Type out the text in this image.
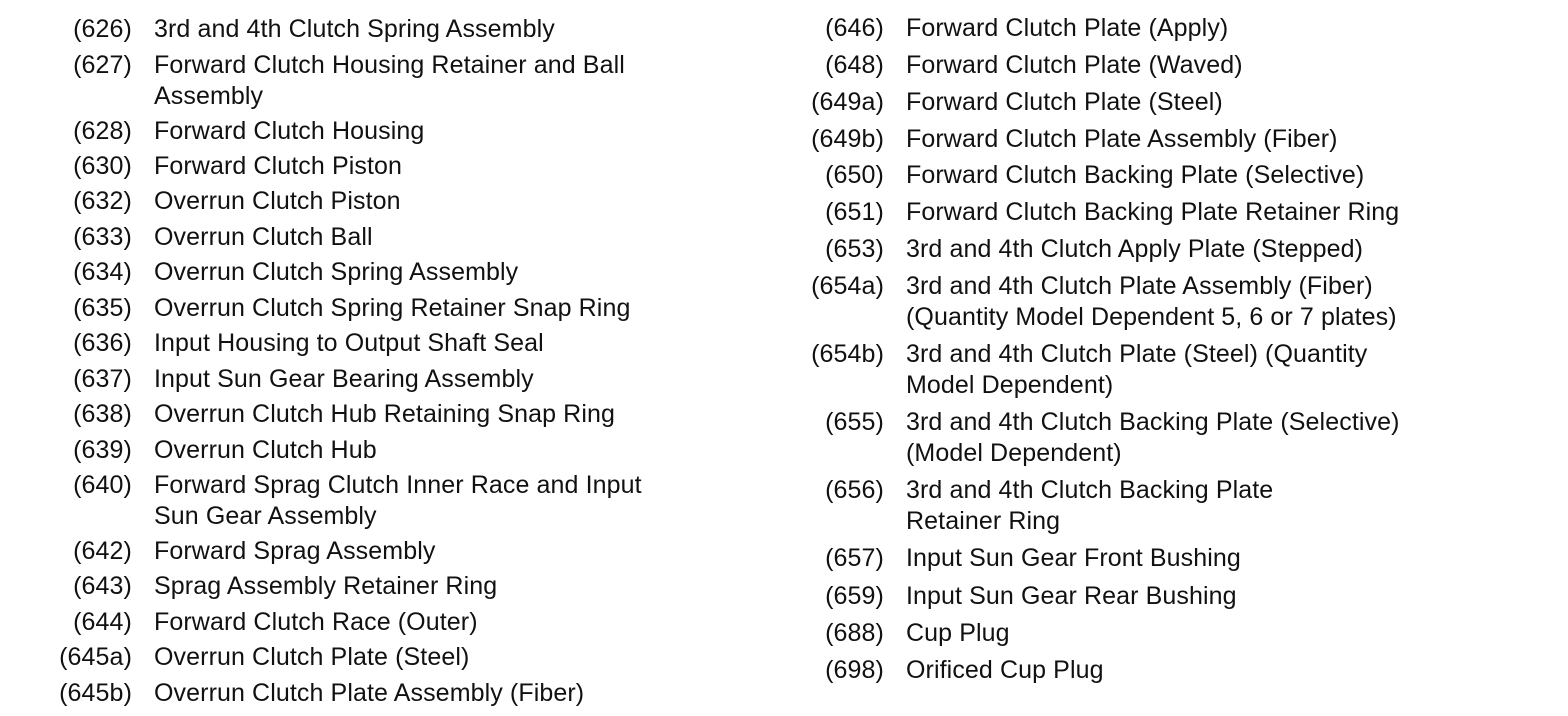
(626) 3rd and 4th Clutch Spring Assembly
(627) Forward Clutch Housing Retainer and Ball
Assembly
(628) Forward Clutch Housing
(630) Forward Clutch Piston
(632) Overrun Clutch Piston
(633) Overrun Clutch Ball
(634) Overrun Clutch Spring Assembly
(635) Overrun Clutch Spring Retainer Snap Ring
(636) Input Housing to Output Shaft Seal
(637) Input Sun Gear Bearing Assembly
(638) Overrun Clutch Hub Retaining Snap Ring
(639) Overrun Clutch Hub
(640) Forward Sprag Clutch Inner Race and Input
Sun Gear Assembly
(642) Forward Sprag Assembly
(643) Sprag Assembly Retainer Ring
(644) Forward Clutch Race (Outer)
(645a) Overrun Clutch Plate (Steel)
(645b) Overrun Clutch Plate Assembly (Fiber)
(646) Forward Clutch Plate (Apply)
(648) Forward Clutch Plate (Waved)
(649a) Forward Clutch Plate (Steel)
(649b) Forward Clutch Plate Assembly (Fiber)
(650) Forward Clutch Backing Plate (Selective)
(651) Forward Clutch Backing Plate Retainer Ring
(653) 3rd and 4th Clutch Apply Plate (Stepped)
(654a) 3rd and 4th Clutch Plate Assembly (Fiber)
(Quantity Model Dependent 5, 6 or 7 plates)
(654b) 3rd and 4th Clutch Plate (Steel) (Quantity
Model Dependent)
(655) 3rd and 4th Clutch Backing Plate (Selective)
(Model Dependent)
(656) 3rd and 4th Clutch Backing Plate
Retainer Ring
(657) Input Sun Gear Front Bushing
(659) Input Sun Gear Rear Bushing
(688) Cup Plug
(698) Orificed Cup Plug
